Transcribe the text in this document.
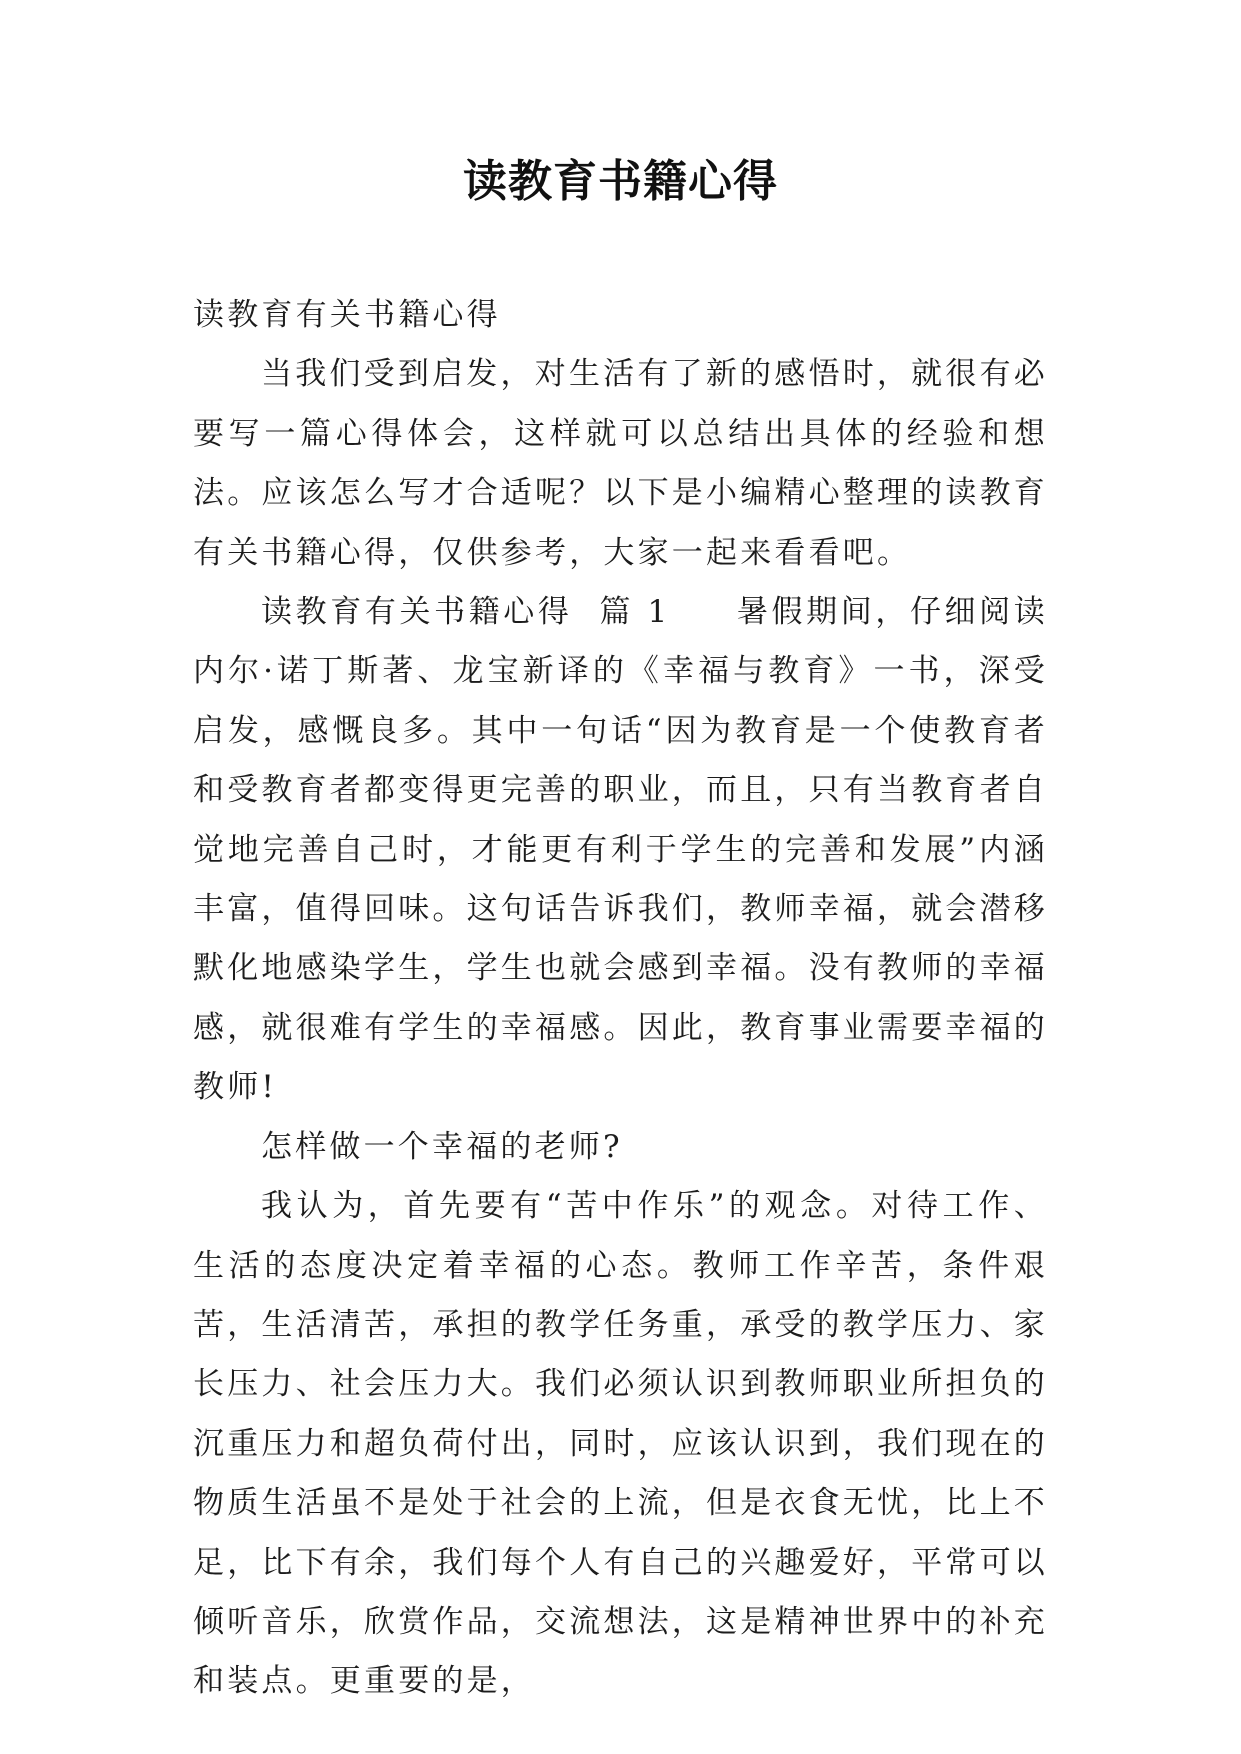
读教育书籍心得

读教育有关书籍心得

当我们受到启发，对生活有了新的感悟时，就很有必要写一篇心得体会，这样就可以总结出具体的经验和想法。应该怎么写才合适呢？以下是小编精心整理的读教育有关书籍心得，仅供参考，大家一起来看看吧。

读教育有关书籍心得  篇 1 暑假期间，仔细阅读内尔·诺丁斯著、龙宝新译的《幸福与教育》一书，深受启发，感慨良多。其中一句话“因为教育是一个使教育者和受教育者都变得更完善的职业，而且，只有当教育者自觉地完善自己时，才能更有利于学生的完善和发展”内涵丰富，值得回味。这句话告诉我们，教师幸福，就会潜移默化地感染学生，学生也就会感到幸福。没有教师的幸福感，就很难有学生的幸福感。因此，教育事业需要幸福的教师!

怎样做一个幸福的老师?

我认为，首先要有“苦中作乐”的观念。对待工作、生活的态度决定着幸福的心态。教师工作辛苦，条件艰苦，生活清苦，承担的教学任务重，承受的教学压力、家长压力、社会压力大。我们必须认识到教师职业所担负的沉重压力和超负荷付出，同时，应该认识到，我们现在的物质生活虽不是处于社会的上流，但是衣食无忧，比上不足，比下有余，我们每个人有自己的兴趣爱好，平常可以倾听音乐，欣赏作品，交流想法，这是精神世界中的补充和装点。更重要的是，
